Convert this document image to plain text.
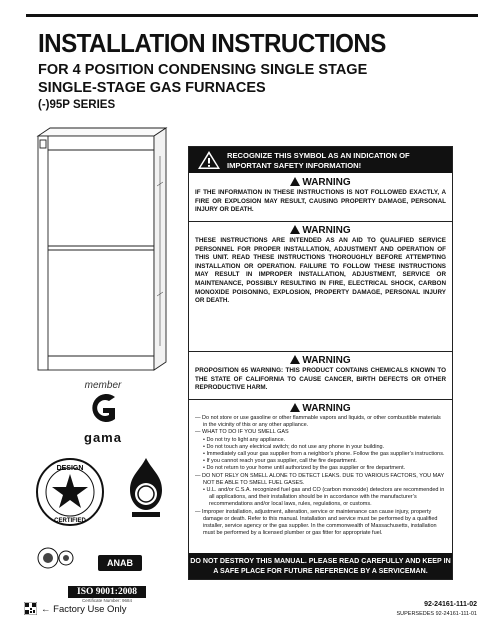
INSTALLATION INSTRUCTIONS
FOR 4 POSITION CONDENSING SINGLE STAGE
SINGLE-STAGE GAS FURNACES
(-)95P SERIES
member
gama
DESIGN
CERTIFIED
ANAB
ISO 9001:2008
Certificate Number: 9684
RECOGNIZE THIS SYMBOL AS AN INDICATION OF IMPORTANT SAFETY INFORMATION!
WARNING
IF THE INFORMATION IN THESE INSTRUCTIONS IS NOT FOLLOWED EXACTLY, A FIRE OR EXPLOSION MAY RESULT, CAUSING PROPERTY DAMAGE, PERSONAL INJURY OR DEATH.
WARNING
THESE INSTRUCTIONS ARE INTENDED AS AN AID TO QUALIFIED SERVICE PERSONNEL FOR PROPER INSTALLATION, ADJUSTMENT AND OPERATION OF THIS UNIT. READ THESE INSTRUCTIONS THOROUGHLY BEFORE ATTEMPTING INSTALLATION OR OPERATION. FAILURE TO FOLLOW THESE INSTRUCTIONS MAY RESULT IN IMPROPER INSTALLATION, ADJUSTMENT, SERVICE OR MAINTENANCE, POSSIBLY RESULTING IN FIRE, ELECTRICAL SHOCK, CARBON MONOXIDE POISONING, EXPLOSION, PROPERTY DAMAGE, PERSONAL INJURY OR DEATH.
WARNING
PROPOSITION 65 WARNING: THIS PRODUCT CONTAINS CHEMICALS KNOWN TO THE STATE OF CALIFORNIA TO CAUSE CANCER, BIRTH DEFECTS OR OTHER REPRODUCTIVE HARM.
WARNING
— Do not store or use gasoline or other flammable vapors and liquids, or other combustible materials in the vicinity of this or any other appliance.
— WHAT TO DO IF YOU SMELL GAS
• Do not try to light any appliance.
• Do not touch any electrical switch; do not use any phone in your building.
• Immediately call your gas supplier from a neighbor’s phone. Follow the gas supplier’s instructions.
• If you cannot reach your gas supplier, call the fire department.
• Do not return to your home until authorized by the gas supplier or fire department.
— DO NOT RELY ON SMELL ALONE TO DETECT LEAKS. DUE TO VARIOUS FACTORS, YOU MAY NOT BE ABLE TO SMELL FUEL GASES.
• U.L. and/or C.S.A. recognized fuel gas and CO (carbon monoxide) detectors are recommended in all applications, and their installation should be in accordance with the manufacturer’s recommendations and/or local laws, rules, regulations, or customs.
— Improper installation, adjustment, alteration, service or maintenance can cause injury, property damage or death. Refer to this manual. Installation and service must be performed by a qualified installer, service agency or the gas supplier. In the commonwealth of Massachusetts, installation must be performed by a licensed plumber or gas fitter for appropriate fuel.
DO NOT DESTROY THIS MANUAL. PLEASE READ CAREFULLY AND KEEP IN A SAFE PLACE FOR FUTURE REFERENCE BY A SERVICEMAN.
← Factory Use Only	92-24161-111-02
SUPERSEDES 92-24161-111-01
